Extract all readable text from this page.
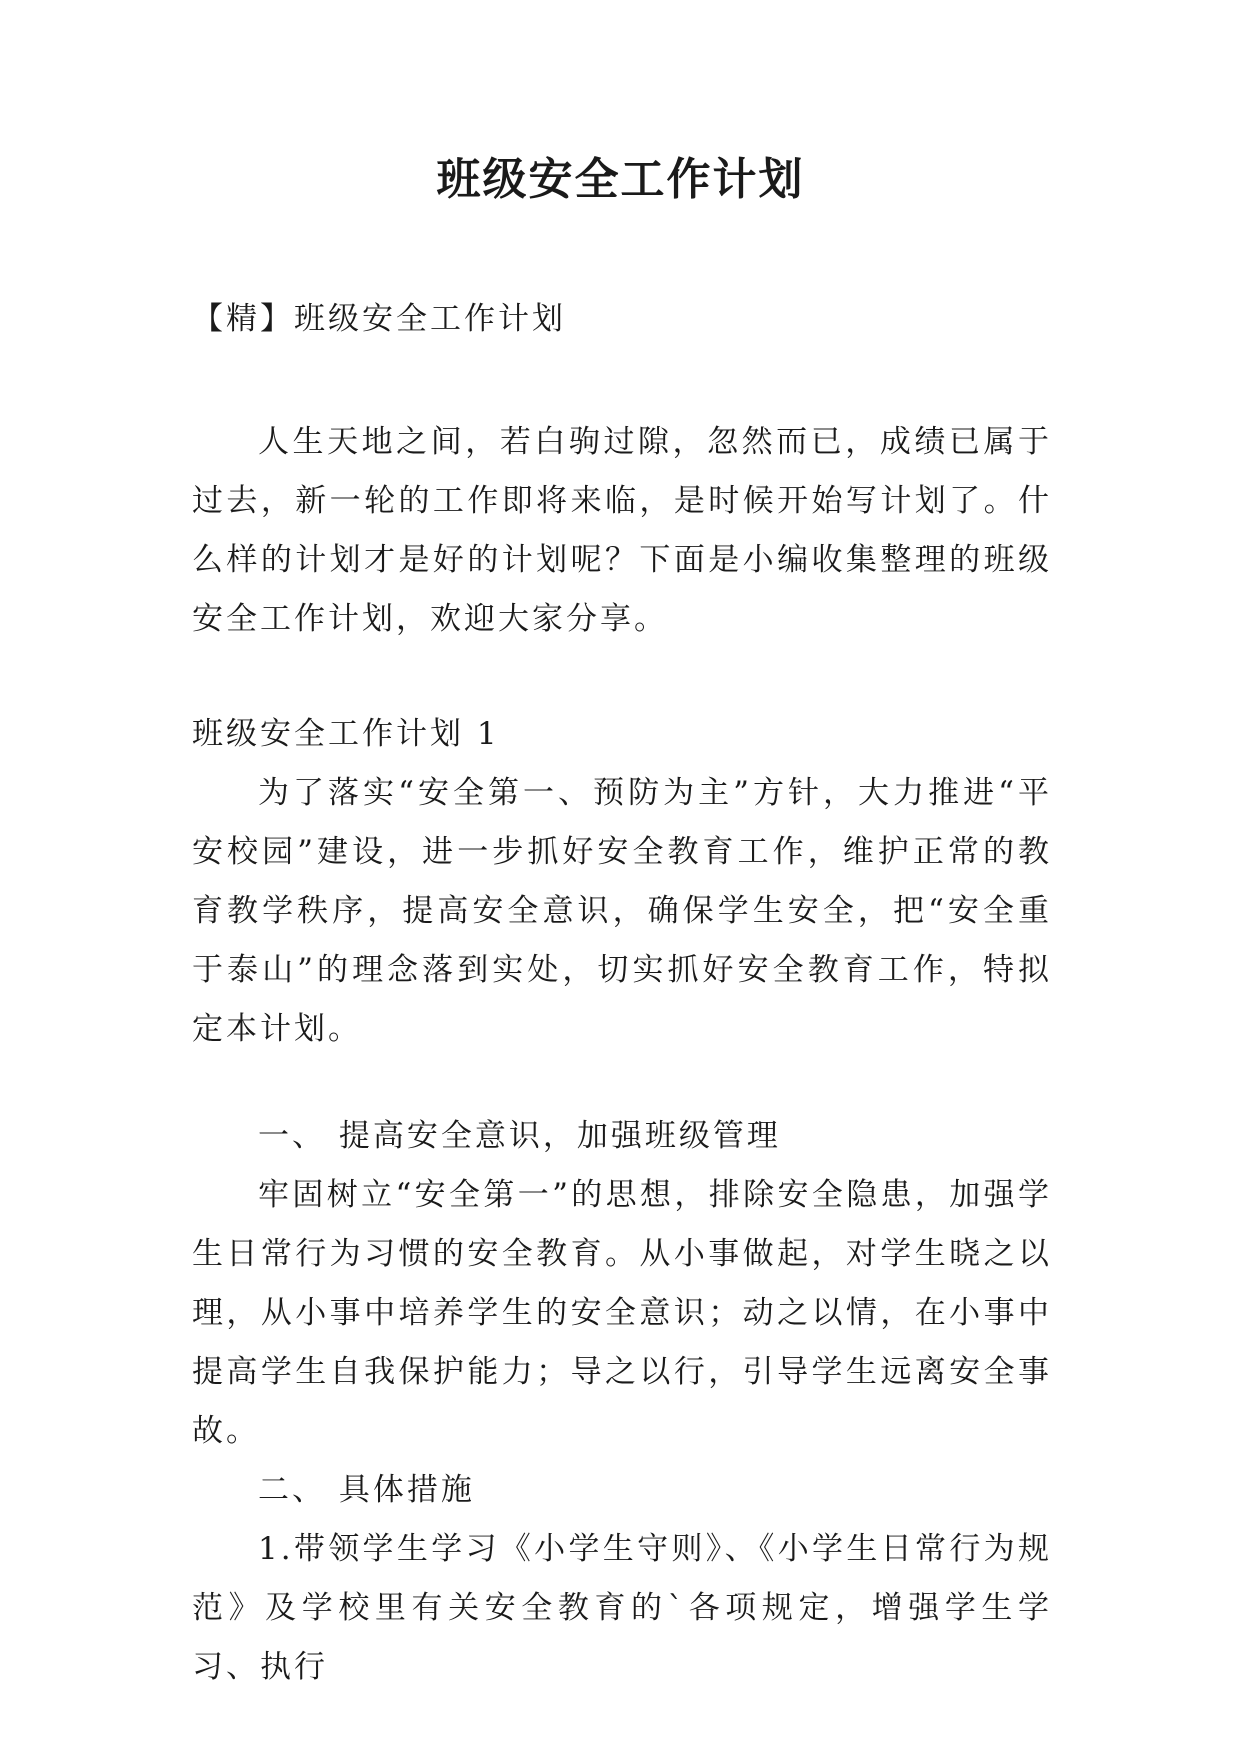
班级安全工作计划

【精】班级安全工作计划

人生天地之间，若白驹过隙，忽然而已，成绩已属于过去，新一轮的工作即将来临，是时候开始写计划了。什么样的计划才是好的计划呢？下面是小编收集整理的班级安全工作计划，欢迎大家分享。

班级安全工作计划 1

为了落实“安全第一、预防为主”方针，大力推进“平安校园”建设，进一步抓好安全教育工作，维护正常的教育教学秩序，提高安全意识，确保学生安全，把“安全重于泰山”的理念落到实处，切实抓好安全教育工作，特拟定本计划。

一、 提高安全意识，加强班级管理

牢固树立“安全第一”的思想，排除安全隐患，加强学生日常行为习惯的安全教育。从小事做起，对学生晓之以理，从小事中培养学生的安全意识；动之以情，在小事中提高学生自我保护能力；导之以行，引导学生远离安全事故。

二、 具体措施

1.带领学生学习《小学生守则》、《小学生日常行为规范》及学校里有关安全教育的`各项规定，增强学生学习、执行
